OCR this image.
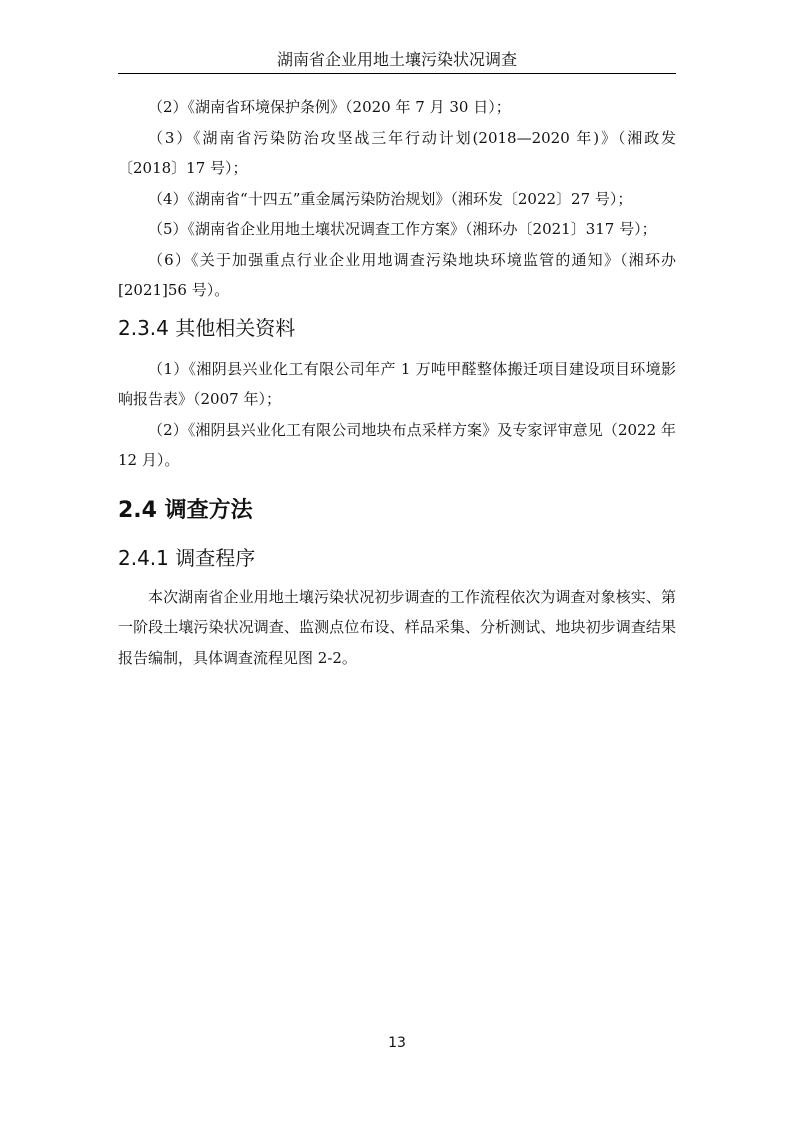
湖南省企业用地土壤污染状况调查

（2）《湖南省环境保护条例》（2020 年 7 月 30 日）；

（3）《湖南省污染防治攻坚战三年行动计划(2018—2020 年)》（湘政发〔2018〕17 号）；

（4）《湖南省“十四五”重金属污染防治规划》（湘环发〔2022〕27 号）；

（5）《湖南省企业用地土壤状况调查工作方案》（湘环办〔2021〕317 号）；

（6）《关于加强重点行业企业用地调查污染地块环境监管的通知》（湘环办[2021]56 号）。

2.3.4 其他相关资料

（1）《湘阴县兴业化工有限公司年产 1 万吨甲醛整体搬迁项目建设项目环境影响报告表》（2007 年）；

（2）《湘阴县兴业化工有限公司地块布点采样方案》及专家评审意见（2022 年 12 月）。

2.4 调查方法
2.4.1 调查程序

本次湖南省企业用地土壤污染状况初步调查的工作流程依次为调查对象核实、第一阶段土壤污染状况调查、监测点位布设、样品采集、分析测试、地块初步调查结果报告编制，具体调查流程见图 2-2。

13
